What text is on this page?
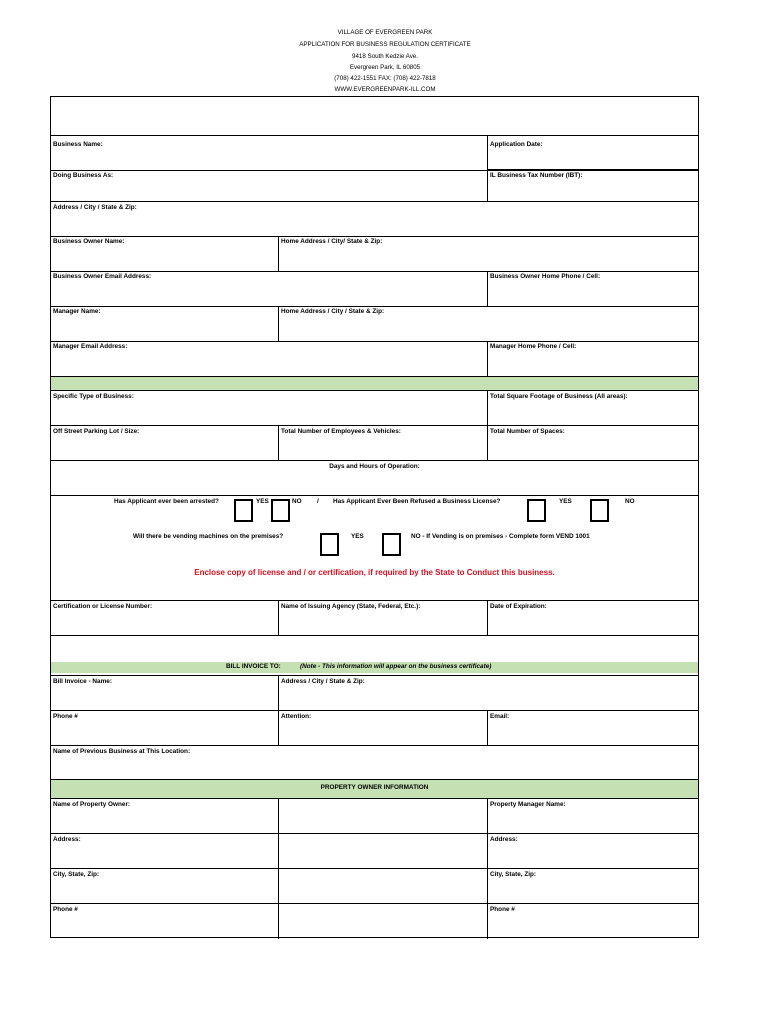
VILLAGE OF EVERGREEN PARK
APPLICATION FOR BUSINESS REGULATION CERTIFICATE
9418 South Kedzie Ave.
Evergreen Park, IL 60805
(708) 422-1551 FAX: (708) 422-7818
WWW.EVERGREENPARK-ILL.COM
Business Name:	Application Date:
Doing Business As:	IL Business Tax Number (IBT):
Address / City / State & Zip:
Business Owner Name:	Home Address / City/ State & Zip:
Business Owner Email Address:	Business Owner Home Phone / Cell:
Manager Name:	Home Address / City / State & Zip:
Manager Email Address:	Manager Home Phone / Cell:
Specific Type of Business:	Total Square Footage of Business (All areas):
Off Street Parking Lot / Size:	Total Number of Employees & Vehicles:	Total Number of Spaces:
Days and Hours of Operation:
Has Applicant ever been arrested?	YES	NO / Has Applicant Ever Been Refused a Business License?	YES	NO
Will there be vending machines on the premises?	YES	NO - If Vending is on premises - Complete form VEND 1001
Enclose copy of license and / or certification, if required by the State to Conduct this business.
Certification or License Number:	Name of Issuing Agency (State, Federal, Etc.):	Date of Expiration:
BILL INVOICE TO:	(Note - This information will appear on the business certificate)
Bill Invoice - Name:	Address / City / State & Zip:
Phone #	Attention:	Email:
Name of Previous Business at This Location:
PROPERTY OWNER INFORMATION
Name of Property Owner:	Property Manager Name:
Address:	Address:
City, State, Zip:	City, State, Zip:
Phone #	Phone #
